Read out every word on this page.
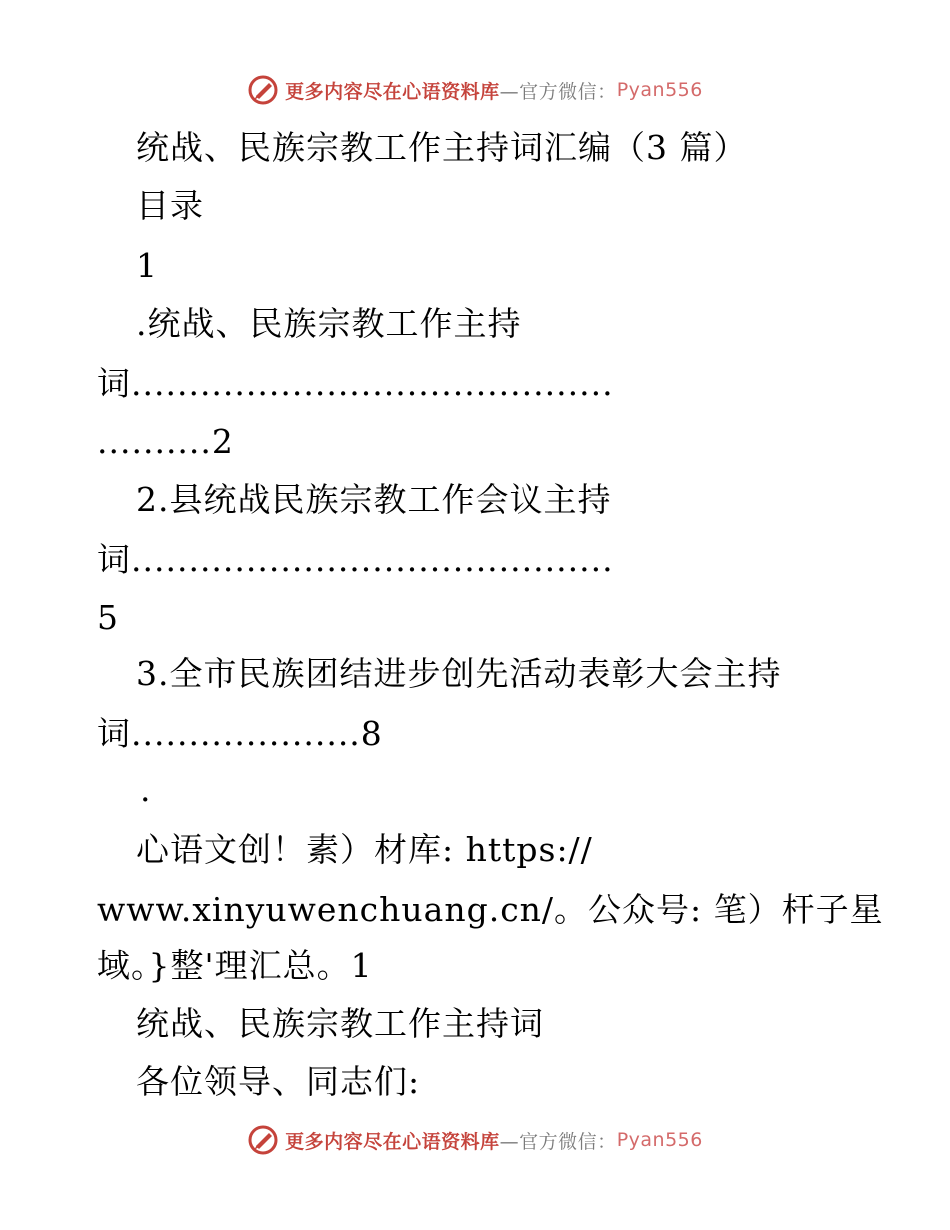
更多内容尽在心语资料库 —官方微信： Pyan556
统战、民族宗教工作主持词汇编（3 篇）
目录
1
.统战、民族宗教工作主持
词..........................................
..........2
2.县统战民族宗教工作会议主持
词..........................................
5
3.全市民族团结进步创先活动表彰大会主持
词....................8
.
心语文创！素）材库: https://
www.xinyuwenchuang.cn/。公众号: 笔）杆子星
域。}整'理汇总。1
统战、民族宗教工作主持词
各位领导、同志们:
更多内容尽在心语资料库 —官方微信： Pyan556
